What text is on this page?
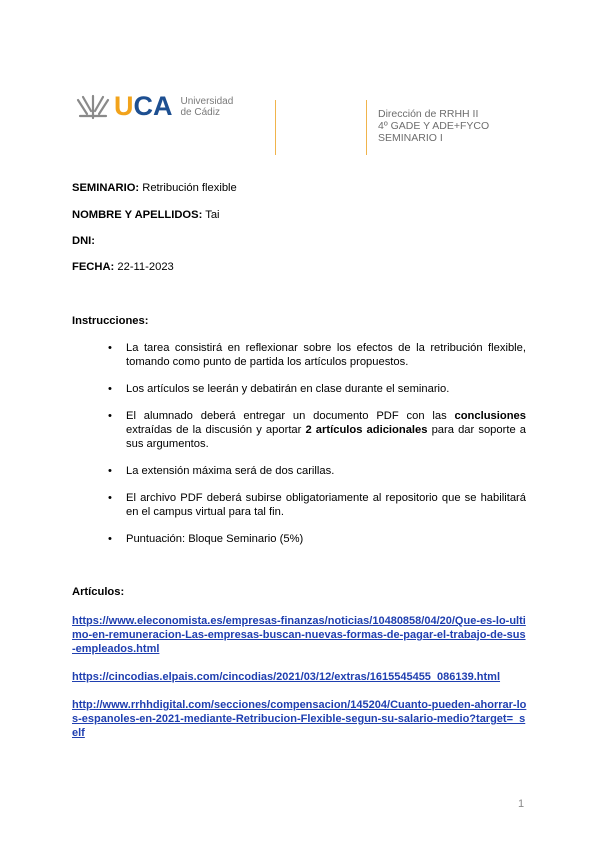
UCA Universidad
de Cádiz	Dirección de RRHH II
4º GADE Y ADE+FYCO
SEMINARIO I
SEMINARIO: Retribución flexible
NOMBRE Y APELLIDOS: Tai
DNI:
FECHA: 22-11-2023
Instrucciones:
• La tarea consistirá en reflexionar sobre los efectos de la retribución flexible, tomando como punto de partida los artículos propuestos.
• Los artículos se leerán y debatirán en clase durante el seminario.
• El alumnado deberá entregar un documento PDF con las conclusiones extraídas de la discusión y aportar 2 artículos adicionales para dar soporte a sus argumentos.
• La extensión máxima será de dos carillas.
• El archivo PDF deberá subirse obligatoriamente al repositorio que se habilitará en el campus virtual para tal fin.
• Puntuación: Bloque Seminario (5%)
Artículos:
https://www.eleconomista.es/empresas-finanzas/noticias/10480858/04/20/Que-es-lo-ultimo-en-remuneracion-Las-empresas-buscan-nuevas-formas-de-pagar-el-trabajo-de-sus-empleados.html
https://cincodias.elpais.com/cincodias/2021/03/12/extras/1615545455_086139.html
http://www.rrhhdigital.com/secciones/compensacion/145204/Cuanto-pueden-ahorrar-los-espanoles-en-2021-mediante-Retribucion-Flexible-segun-su-salario-medio?target=_self
1
